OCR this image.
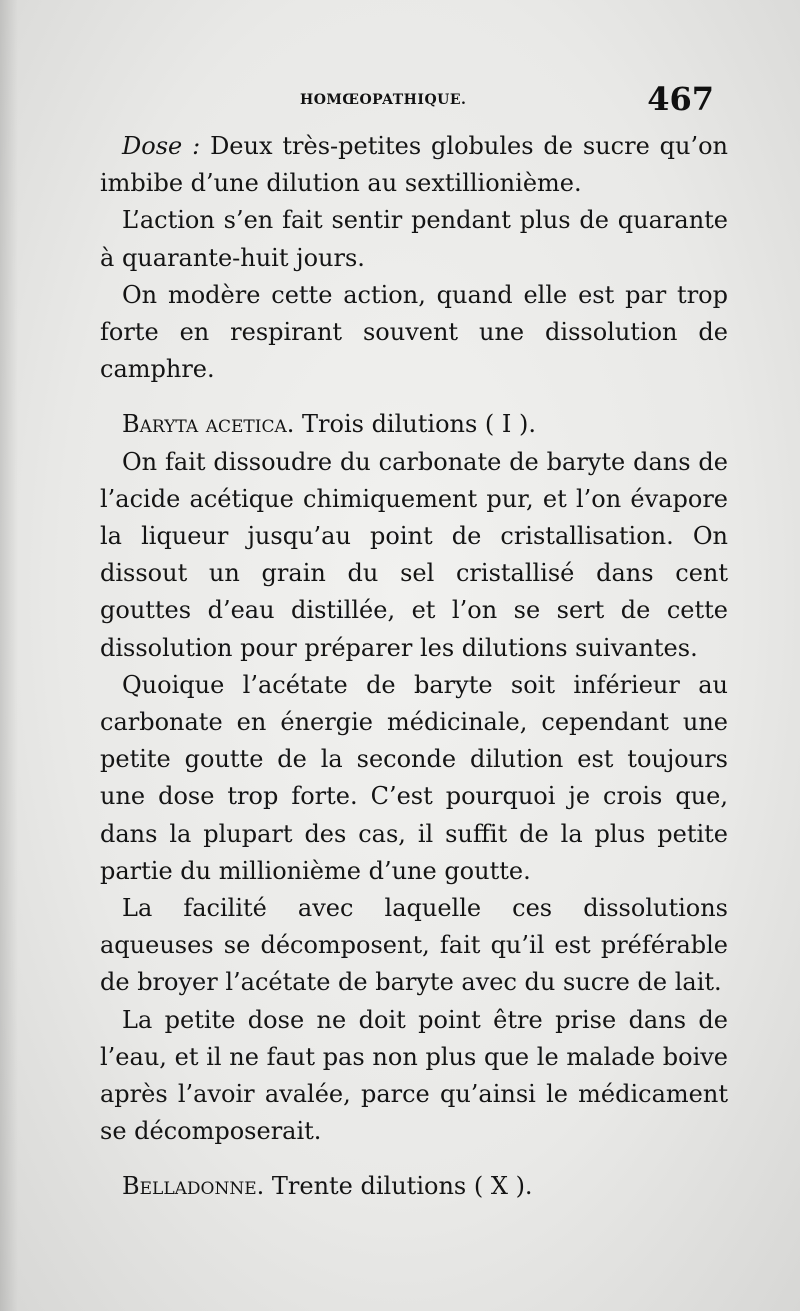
HOMŒOPATHIQUE.	467

Dose : Deux très-petites globules de sucre qu’on imbibe d’une dilution au sextillionième.

L’action s’en fait sentir pendant plus de quarante à quarante-huit jours.

On modère cette action, quand elle est par trop forte en respirant souvent une dissolution de camphre.

Baryta acetica. Trois dilutions ( I ).

On fait dissoudre du carbonate de baryte dans de l’acide acétique chimiquement pur, et l’on évapore la liqueur jusqu’au point de cristallisation. On dissout un grain du sel cristallisé dans cent gouttes d’eau distillée, et l’on se sert de cette dissolution pour préparer les dilutions suivantes.

Quoique l’acétate de baryte soit inférieur au carbonate en énergie médicinale, cependant une petite goutte de la seconde dilution est toujours une dose trop forte. C’est pourquoi je crois que, dans la plupart des cas, il suffit de la plus petite partie du millionième d’une goutte.

La facilité avec laquelle ces dissolutions aqueuses se décomposent, fait qu’il est préférable de broyer l’acétate de baryte avec du sucre de lait.

La petite dose ne doit point être prise dans de l’eau, et il ne faut pas non plus que le malade boive après l’avoir avalée, parce qu’ainsi le médicament se décomposerait.

Belladonne. Trente dilutions ( X ).
